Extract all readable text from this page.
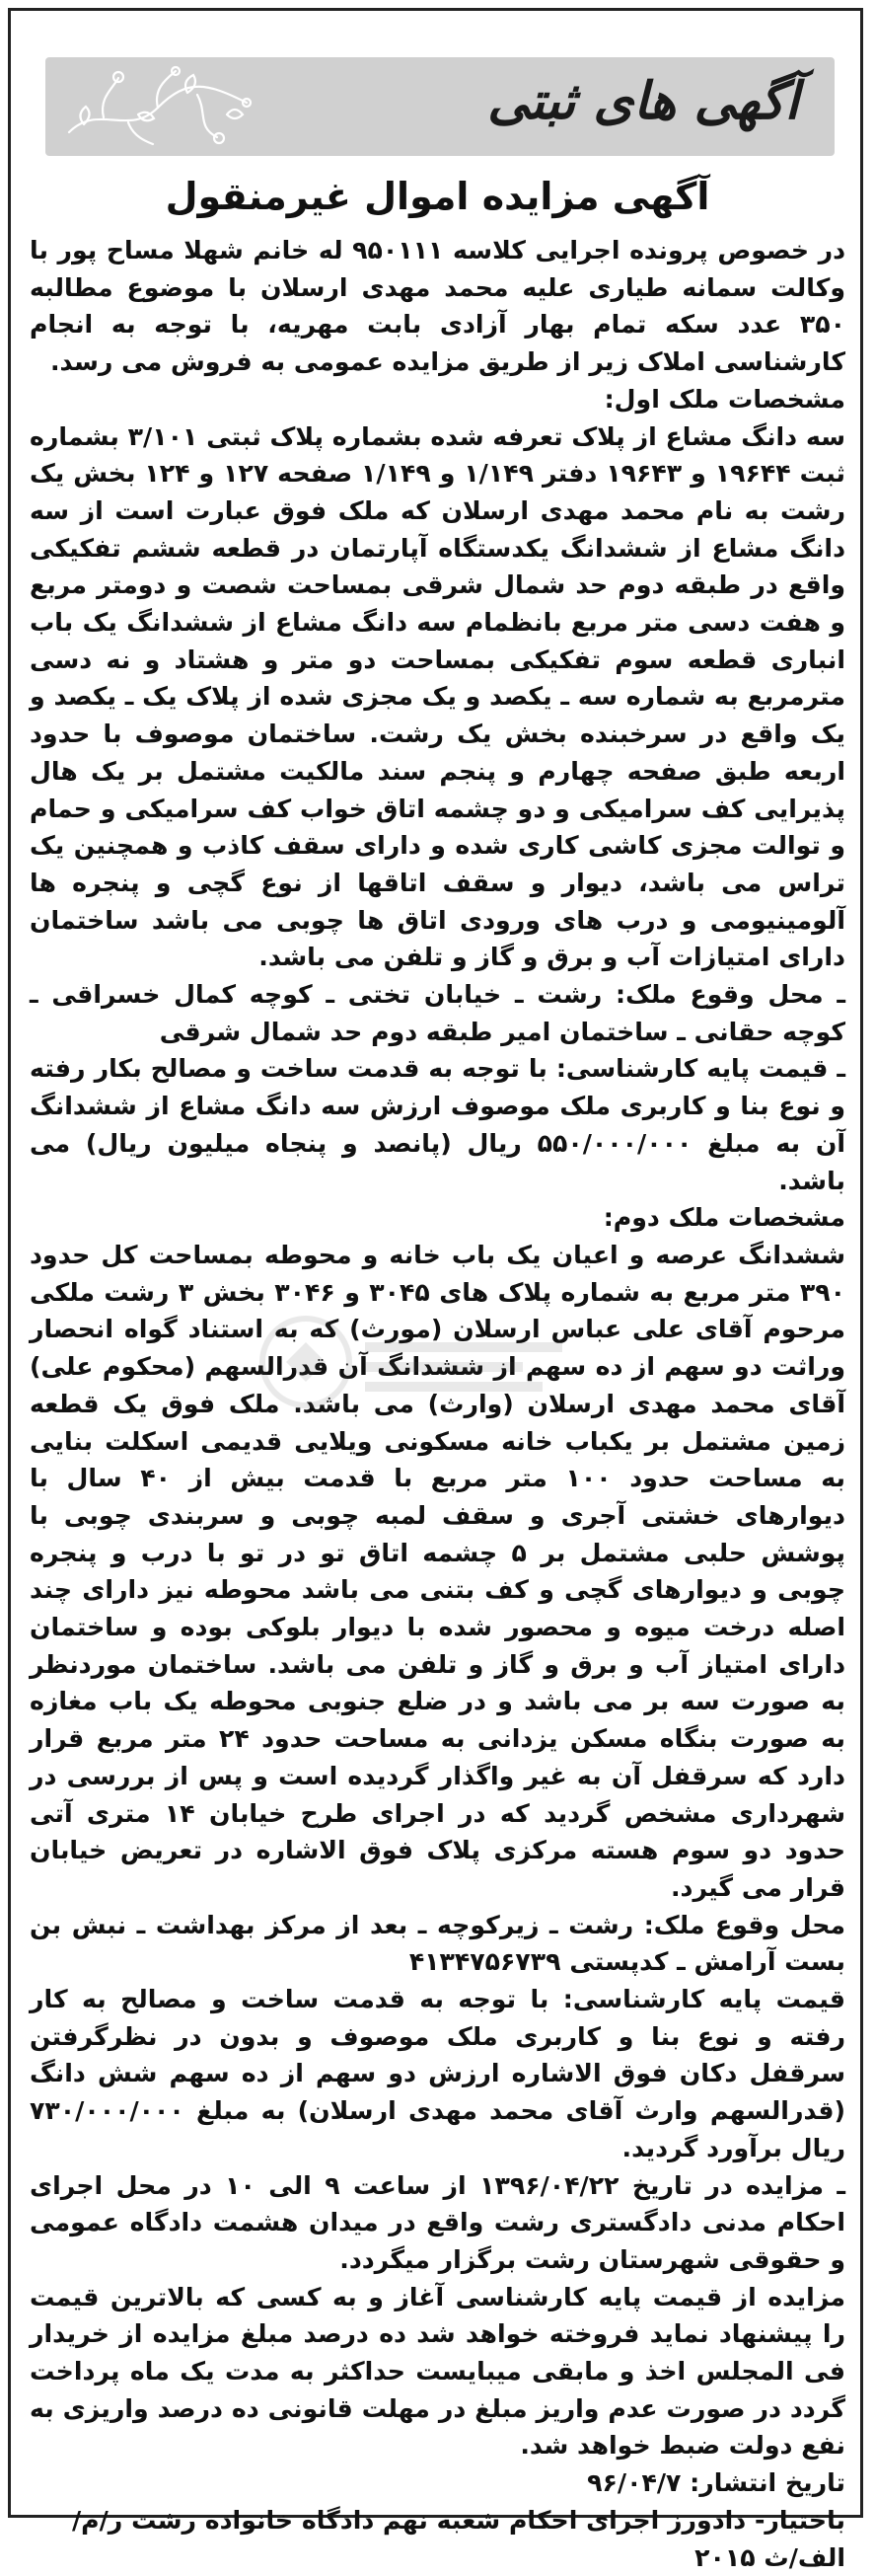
آگهی های ثبتی
آگهی مزایده اموال غیرمنقول

در خصوص پرونده اجرایی کلاسه ۹۵۰۱۱۱ له خانم شهلا مساح پور با وکالت سمانه طیاری علیه محمد مهدی ارسلان با موضوع مطالبه ۳۵۰ عدد سکه تمام بهار آزادی بابت مهریه، با توجه به انجام کارشناسی املاک زیر از طریق مزایده عمومی به فروش می رسد.

مشخصات ملک اول:

سه دانگ مشاع از پلاک تعرفه شده بشماره پلاک ثبتی ۳/۱۰۱ بشماره ثبت ۱۹۶۴۴ و ۱۹۶۴۳ دفتر ۱/۱۴۹ و ۱/۱۴۹ صفحه ۱۲۷ و ۱۲۴ بخش یک رشت به نام محمد مهدی ارسلان که ملک فوق عبارت است از سه دانگ مشاع از ششدانگ یکدستگاه آپارتمان در قطعه ششم تفکیکی واقع در طبقه دوم حد شمال شرقی بمساحت شصت و دومتر مربع و هفت دسی متر مربع بانظمام سه دانگ مشاع از ششدانگ یک باب انباری قطعه سوم تفکیکی بمساحت دو متر و هشتاد و نه دسی مترمربع به شماره سه ـ یکصد و یک مجزی شده از پلاک یک ـ یکصد و یک واقع در سرخبنده بخش یک رشت. ساختمان موصوف با حدود اربعه طبق صفحه چهارم و پنجم سند مالکیت مشتمل بر یک هال پذیرایی کف سرامیکی و دو چشمه اتاق خواب کف سرامیکی و حمام و توالت مجزی کاشی کاری شده و دارای سقف کاذب و همچنین یک تراس می باشد، دیوار و سقف اتاقها از نوع گچی و پنجره ها آلومینیومی و درب های ورودی اتاق ها چوبی می باشد ساختمان دارای امتیازات آب و برق و گاز و تلفن می باشد.

ـ محل وقوع ملک: رشت ـ خیابان تختی ـ کوچه کمال خسراقی ـ کوچه حقانی ـ ساختمان امیر طبقه دوم حد شمال شرقی

ـ قیمت پایه کارشناسی: با توجه به قدمت ساخت و مصالح بکار رفته و نوع بنا و کاربری ملک موصوف ارزش سه دانگ مشاع از ششدانگ آن به مبلغ ۵۵۰/۰۰۰/۰۰۰ ریال (پانصد و پنجاه میلیون ریال) می باشد.

مشخصات ملک دوم:

ششدانگ عرصه و اعیان یک باب خانه و محوطه بمساحت کل حدود ۳۹۰ متر مربع به شماره پلاک های ۳۰۴۵ و ۳۰۴۶ بخش ۳ رشت ملکی مرحوم آقای علی عباس ارسلان (مورث) که به استناد گواه انحصار وراثت دو سهم از ده سهم از ششدانگ آن قدرالسهم (محکوم علی) آقای محمد مهدی ارسلان (وارث) می باشد. ملک فوق یک قطعه زمین مشتمل بر یکباب خانه مسکونی ویلایی قدیمی اسکلت بنایی به مساحت حدود ۱۰۰ متر مربع با قدمت بیش از ۴۰ سال با دیوارهای خشتی آجری و سقف لمبه چوبی و سربندی چوبی با پوشش حلبی مشتمل بر ۵ چشمه اتاق تو در تو با درب و پنجره چوبی و دیوارهای گچی و کف بتنی می باشد محوطه نیز دارای چند اصله درخت میوه و محصور شده با دیوار بلوکی بوده و ساختمان دارای امتیاز آب و برق و گاز و تلفن می باشد. ساختمان موردنظر به صورت سه بر می باشد و در ضلع جنوبی محوطه یک باب مغازه به صورت بنگاه مسکن یزدانی به مساحت حدود ۲۴ متر مربع قرار دارد که سرقفل آن به غیر واگذار گردیده است و پس از بررسی در شهرداری مشخص گردید که در اجرای طرح خیابان ۱۴ متری آتی حدود دو سوم هسته مرکزی پلاک فوق الاشاره در تعریض خیابان قرار می گیرد.

محل وقوع ملک: رشت ـ زیرکوچه ـ بعد از مرکز بهداشت ـ نبش بن بست آرامش ـ کدپستی ۴۱۳۴۷۵۶۷۳۹

قیمت پایه کارشناسی: با توجه به قدمت ساخت و مصالح به کار رفته و نوع بنا و کاربری ملک موصوف و بدون در نظرگرفتن سرقفل دکان فوق الاشاره ارزش دو سهم از ده سهم شش دانگ (قدرالسهم وارث آقای محمد مهدی ارسلان) به مبلغ ۷۳۰/۰۰۰/۰۰۰ ریال برآورد گردید.

ـ مزایده در تاریخ ۱۳۹۶/۰۴/۲۲ از ساعت ۹ الی ۱۰ در محل اجرای احکام مدنی دادگستری رشت واقع در میدان هشمت دادگاه عمومی و حقوقی شهرستان رشت برگزار میگردد.

مزایده از قیمت پایه کارشناسی آغاز و به کسی که بالاترین قیمت را پیشنهاد نماید فروخته خواهد شد ده درصد مبلغ مزایده از خریدار فی المجلس اخذ و مابقی میبایست حداکثر به مدت یک ماه پرداخت گردد در صورت عدم واریز مبلغ در مهلت قانونی ده درصد واریزی به نفع دولت ضبط خواهد شد.

تاریخ انتشار: ۹۶/۰۴/۷

باختیار- دادورز اجرای احکام شعبه نهم دادگاه خانواده رشت ر/م/

الف/ث ۲۰۱۵
